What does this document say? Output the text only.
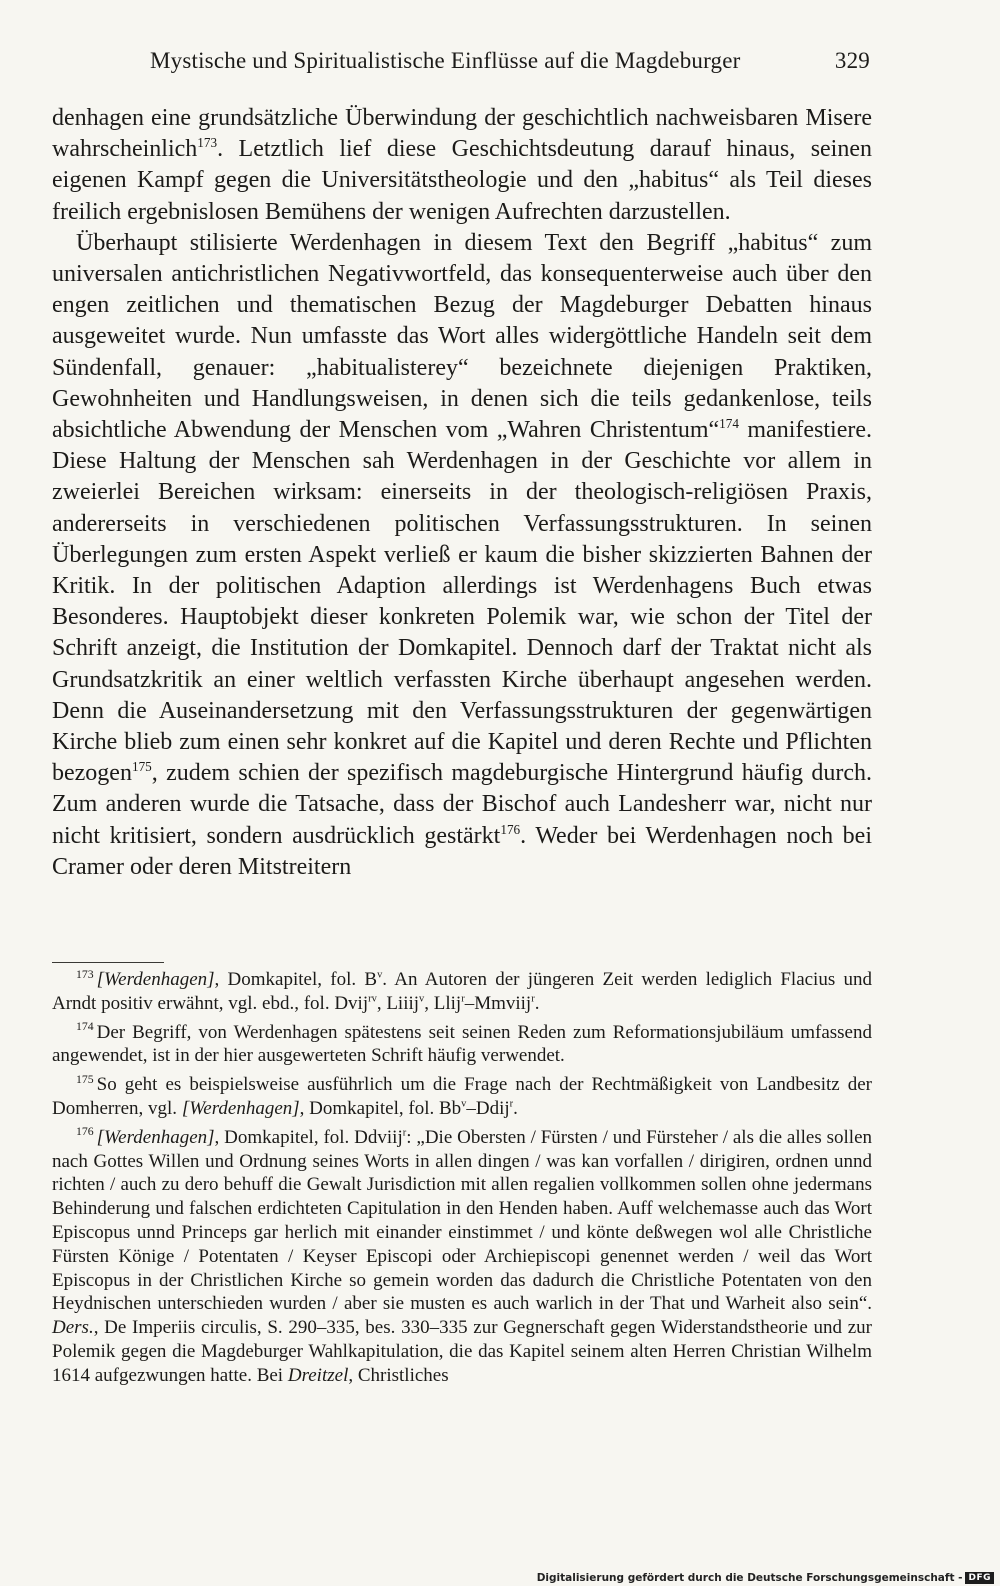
Mystische und Spiritualistische Einflüsse auf die Magdeburger	329

denhagen eine grundsätzliche Überwindung der geschichtlich nachweisbaren Misere wahrscheinlich$^{173}$. Letztlich lief diese Geschichtsdeutung darauf hinaus, seinen eigenen Kampf gegen die Universitätstheologie und den „habitus“ als Teil dieses freilich ergebnislosen Bemühens der wenigen Aufrechten darzustellen.

Überhaupt stilisierte Werdenhagen in diesem Text den Begriff „habitus“ zum universalen antichristlichen Negativwortfeld, das konsequenterweise auch über den engen zeitlichen und thematischen Bezug der Magdeburger Debatten hinaus ausgeweitet wurde. Nun umfasste das Wort alles widergöttliche Handeln seit dem Sündenfall, genauer: „habitualisterey“ bezeichnete diejenigen Praktiken, Gewohnheiten und Handlungsweisen, in denen sich die teils gedankenlose, teils absichtliche Abwendung der Menschen vom „Wahren Christentum“$^{174}$ manifestiere. Diese Haltung der Menschen sah Werdenhagen in der Geschichte vor allem in zweierlei Bereichen wirksam: einerseits in der theologisch-religiösen Praxis, andererseits in verschiedenen politischen Verfassungsstrukturen. In seinen Überlegungen zum ersten Aspekt verließ er kaum die bisher skizzierten Bahnen der Kritik. In der politischen Adaption allerdings ist Werdenhagens Buch etwas Besonderes. Hauptobjekt dieser konkreten Polemik war, wie schon der Titel der Schrift anzeigt, die Institution der Domkapitel. Dennoch darf der Traktat nicht als Grundsatzkritik an einer weltlich verfassten Kirche überhaupt angesehen werden. Denn die Auseinandersetzung mit den Verfassungsstrukturen der gegenwärtigen Kirche blieb zum einen sehr konkret auf die Kapitel und deren Rechte und Pflichten bezogen$^{175}$, zudem schien der spezifisch magdeburgische Hintergrund häufig durch. Zum anderen wurde die Tatsache, dass der Bischof auch Landesherr war, nicht nur nicht kritisiert, sondern ausdrücklich gestärkt$^{176}$. Weder bei Werdenhagen noch bei Cramer oder deren Mitstreitern

$^{173}$ [Werdenhagen], Domkapitel, fol. $B^v$. An Autoren der jüngeren Zeit werden lediglich Flacius und Arndt positiv erwähnt, vgl. ebd., fol. Dvij$^{rv}$, Liiij$^v$, Llij$^r$–Mmviij$^r$.

$^{174}$ Der Begriff, von Werdenhagen spätestens seit seinen Reden zum Reformationsjubiläum umfassend angewendet, ist in der hier ausgewerteten Schrift häufig verwendet.

$^{175}$ So geht es beispielsweise ausführlich um die Frage nach der Rechtmäßigkeit von Landbesitz der Domherren, vgl. [Werdenhagen], Domkapitel, fol. Bb$^v$–Ddij$^r$.

$^{176}$ [Werdenhagen], Domkapitel, fol. Ddviij$^r$: „Die Obersten / Fürsten / und Fürsteher / als die alles sollen nach Gottes Willen und Ordnung seines Worts in allen dingen / was kan vorfallen / dirigiren, ordnen unnd richten / auch zu dero behuff die Gewalt Jurisdiction mit allen regalien vollkommen sollen ohne jedermans Behinderung und falschen erdichteten Capitulation in den Henden haben. Auff welchemasse auch das Wort Episcopus unnd Princeps gar herlich mit einander einstimmet / und könte deßwegen wol alle Christliche Fürsten Könige / Potentaten / Keyser Episcopi oder Archiepiscopi genennet werden / weil das Wort Episcopus in der Christlichen Kirche so gemein worden das dadurch die Christliche Potentaten von den Heydnischen unterschieden wurden / aber sie musten es auch warlich in der That und Warheit also sein“. Ders., De Imperiis circulis, S. 290–335, bes. 330–335 zur Gegnerschaft gegen Widerstandstheorie und zur Polemik gegen die Magdeburger Wahlkapitulation, die das Kapitel seinem alten Herren Christian Wilhelm 1614 aufgezwungen hatte. Bei Dreitzel, Christliches

Digitalisierung gefördert durch die Deutsche Forschungsgemeinschaft - DFG
